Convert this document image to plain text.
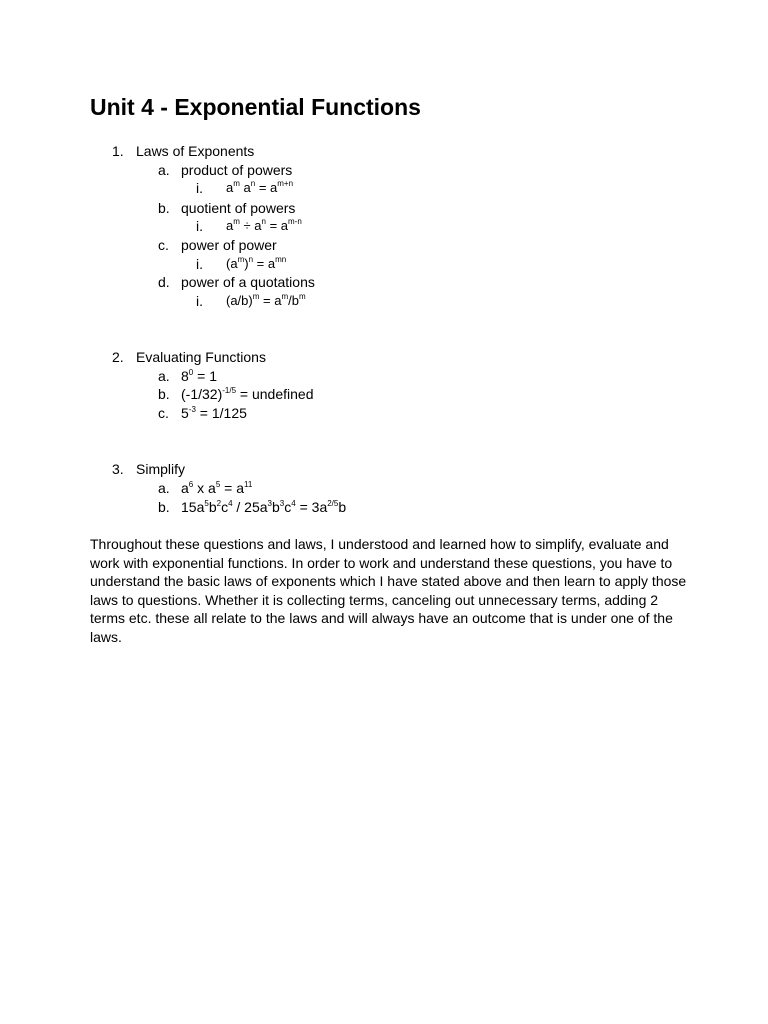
Unit 4 - Exponential Functions
1. Laws of Exponents
a. product of powers
i. $a^m$ $a^n = a^{m+n}$
b. quotient of powers
i. $a^m \div a^n = a^{m-n}$
c. power of power
i. $(a^m)^n = a^{mn}$
d. power of a quotations
i. $(a/b)^m = a^m/b^m$
2. Evaluating Functions
a. $8^0 = 1$
b. $(-1/32)^{-1/5}$ = undefined
c. $5^{-3} = 1/125$
3. Simplify
a. $a^6$ x $a^5 = a^{11}$
b. $15a^5b^2c^4 / 25a^3b^3c^4 = 3a^{2/5}b$

Throughout these questions and laws, I understood and learned how to simplify, evaluate and work with exponential functions. In order to work and understand these questions, you have to understand the basic laws of exponents which I have stated above and then learn to apply those laws to questions. Whether it is collecting terms, canceling out unnecessary terms, adding 2 terms etc. these all relate to the laws and will always have an outcome that is under one of the laws.
